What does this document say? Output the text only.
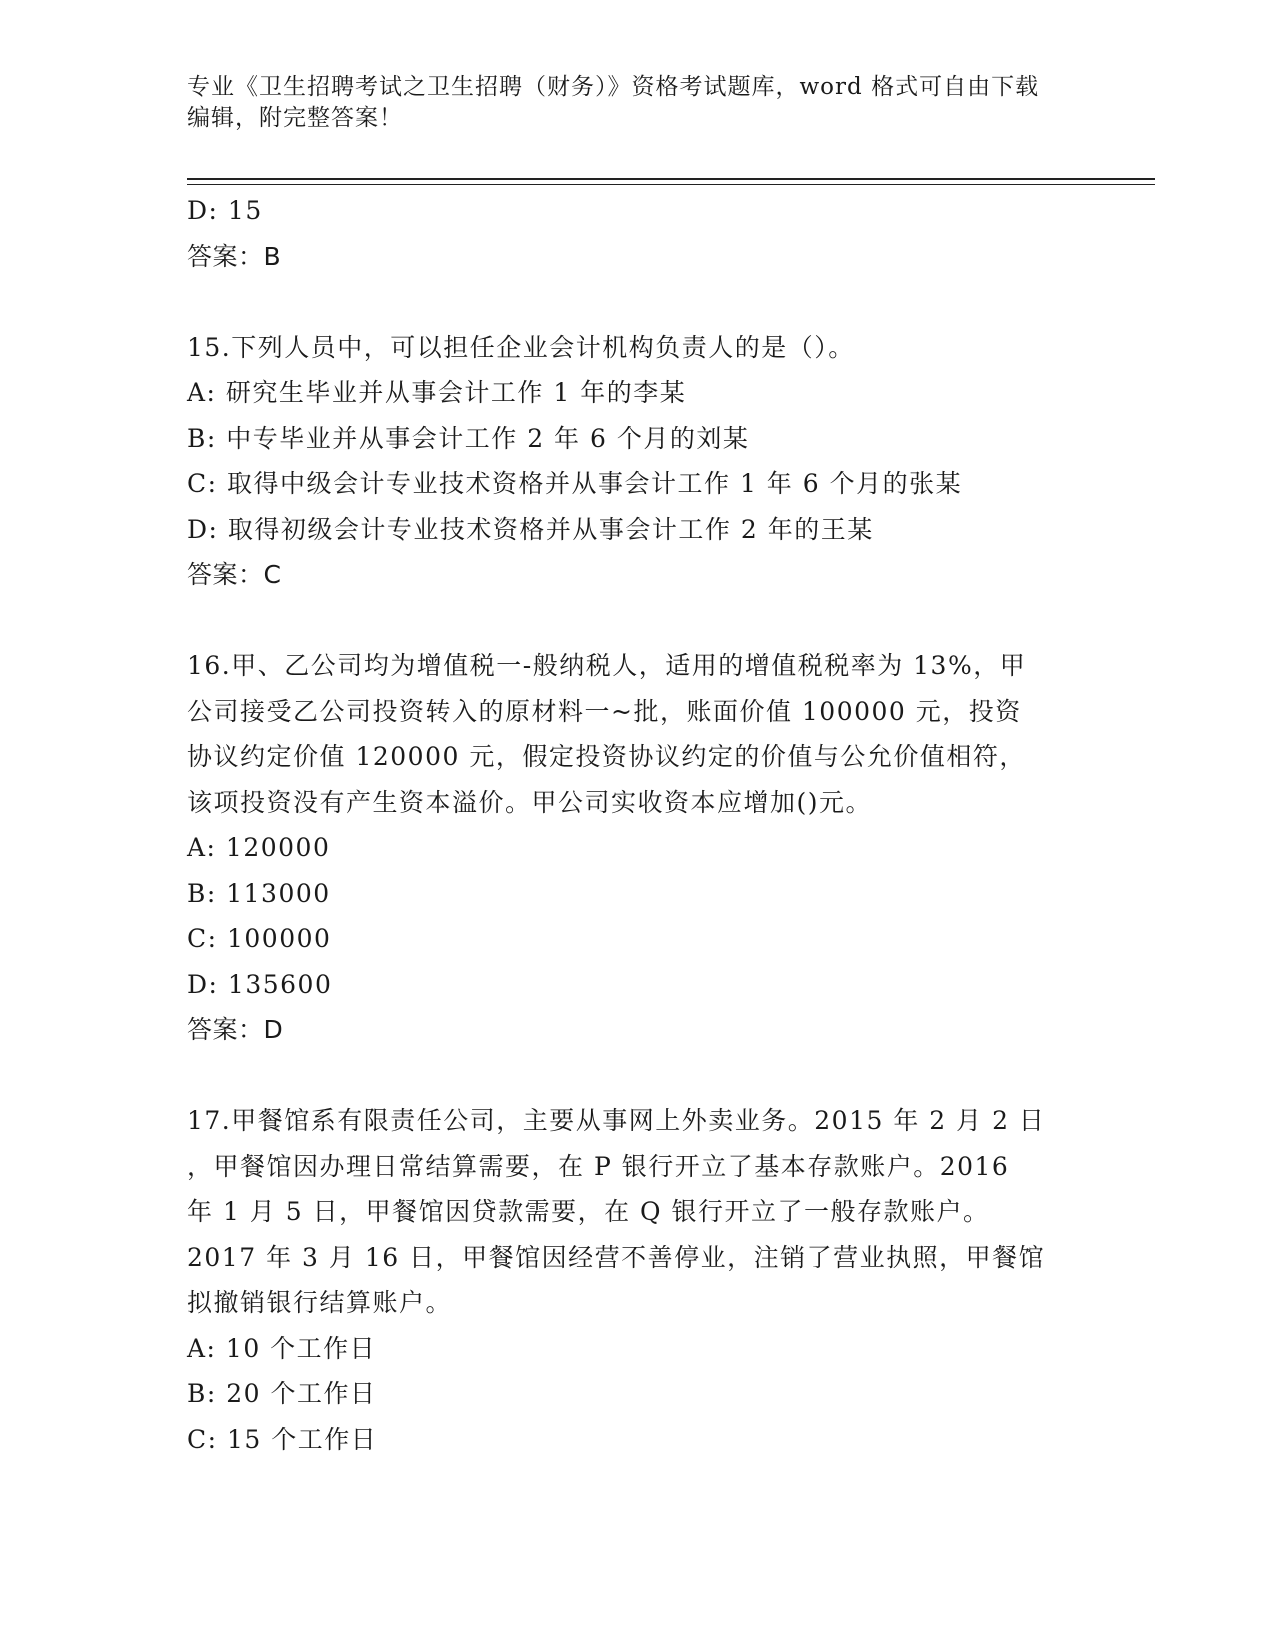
专业《卫生招聘考试之卫生招聘（财务）》资格考试题库，word 格式可自由下载
编辑，附完整答案！
D: 15
答案：B
15.下列人员中，可以担任企业会计机构负责人的是（）。
A: 研究生毕业并从事会计工作 1 年的李某
B: 中专毕业并从事会计工作 2 年 6 个月的刘某
C: 取得中级会计专业技术资格并从事会计工作 1 年 6 个月的张某
D: 取得初级会计专业技术资格并从事会计工作 2 年的王某
答案：C
16.甲、乙公司均为增值税一-般纳税人，适用的增值税税率为 13%，甲
公司接受乙公司投资转入的原材料一~批，账面价值 100000 元，投资
协议约定价值 120000 元，假定投资协议约定的价值与公允价值相符，
该项投资没有产生资本溢价。甲公司实收资本应增加()元。
A: 120000
B: 113000
C: 100000
D: 135600
答案：D
17.甲餐馆系有限责任公司，主要从事网上外卖业务。2015 年 2 月 2 日
，甲餐馆因办理日常结算需要，在 P 银行开立了基本存款账户。2016
年 1 月 5 日，甲餐馆因贷款需要，在 Q 银行开立了一般存款账户。
2017 年 3 月 16 日，甲餐馆因经营不善停业，注销了营业执照，甲餐馆
拟撤销银行结算账户。
A: 10 个工作日
B: 20 个工作日
C: 15 个工作日
